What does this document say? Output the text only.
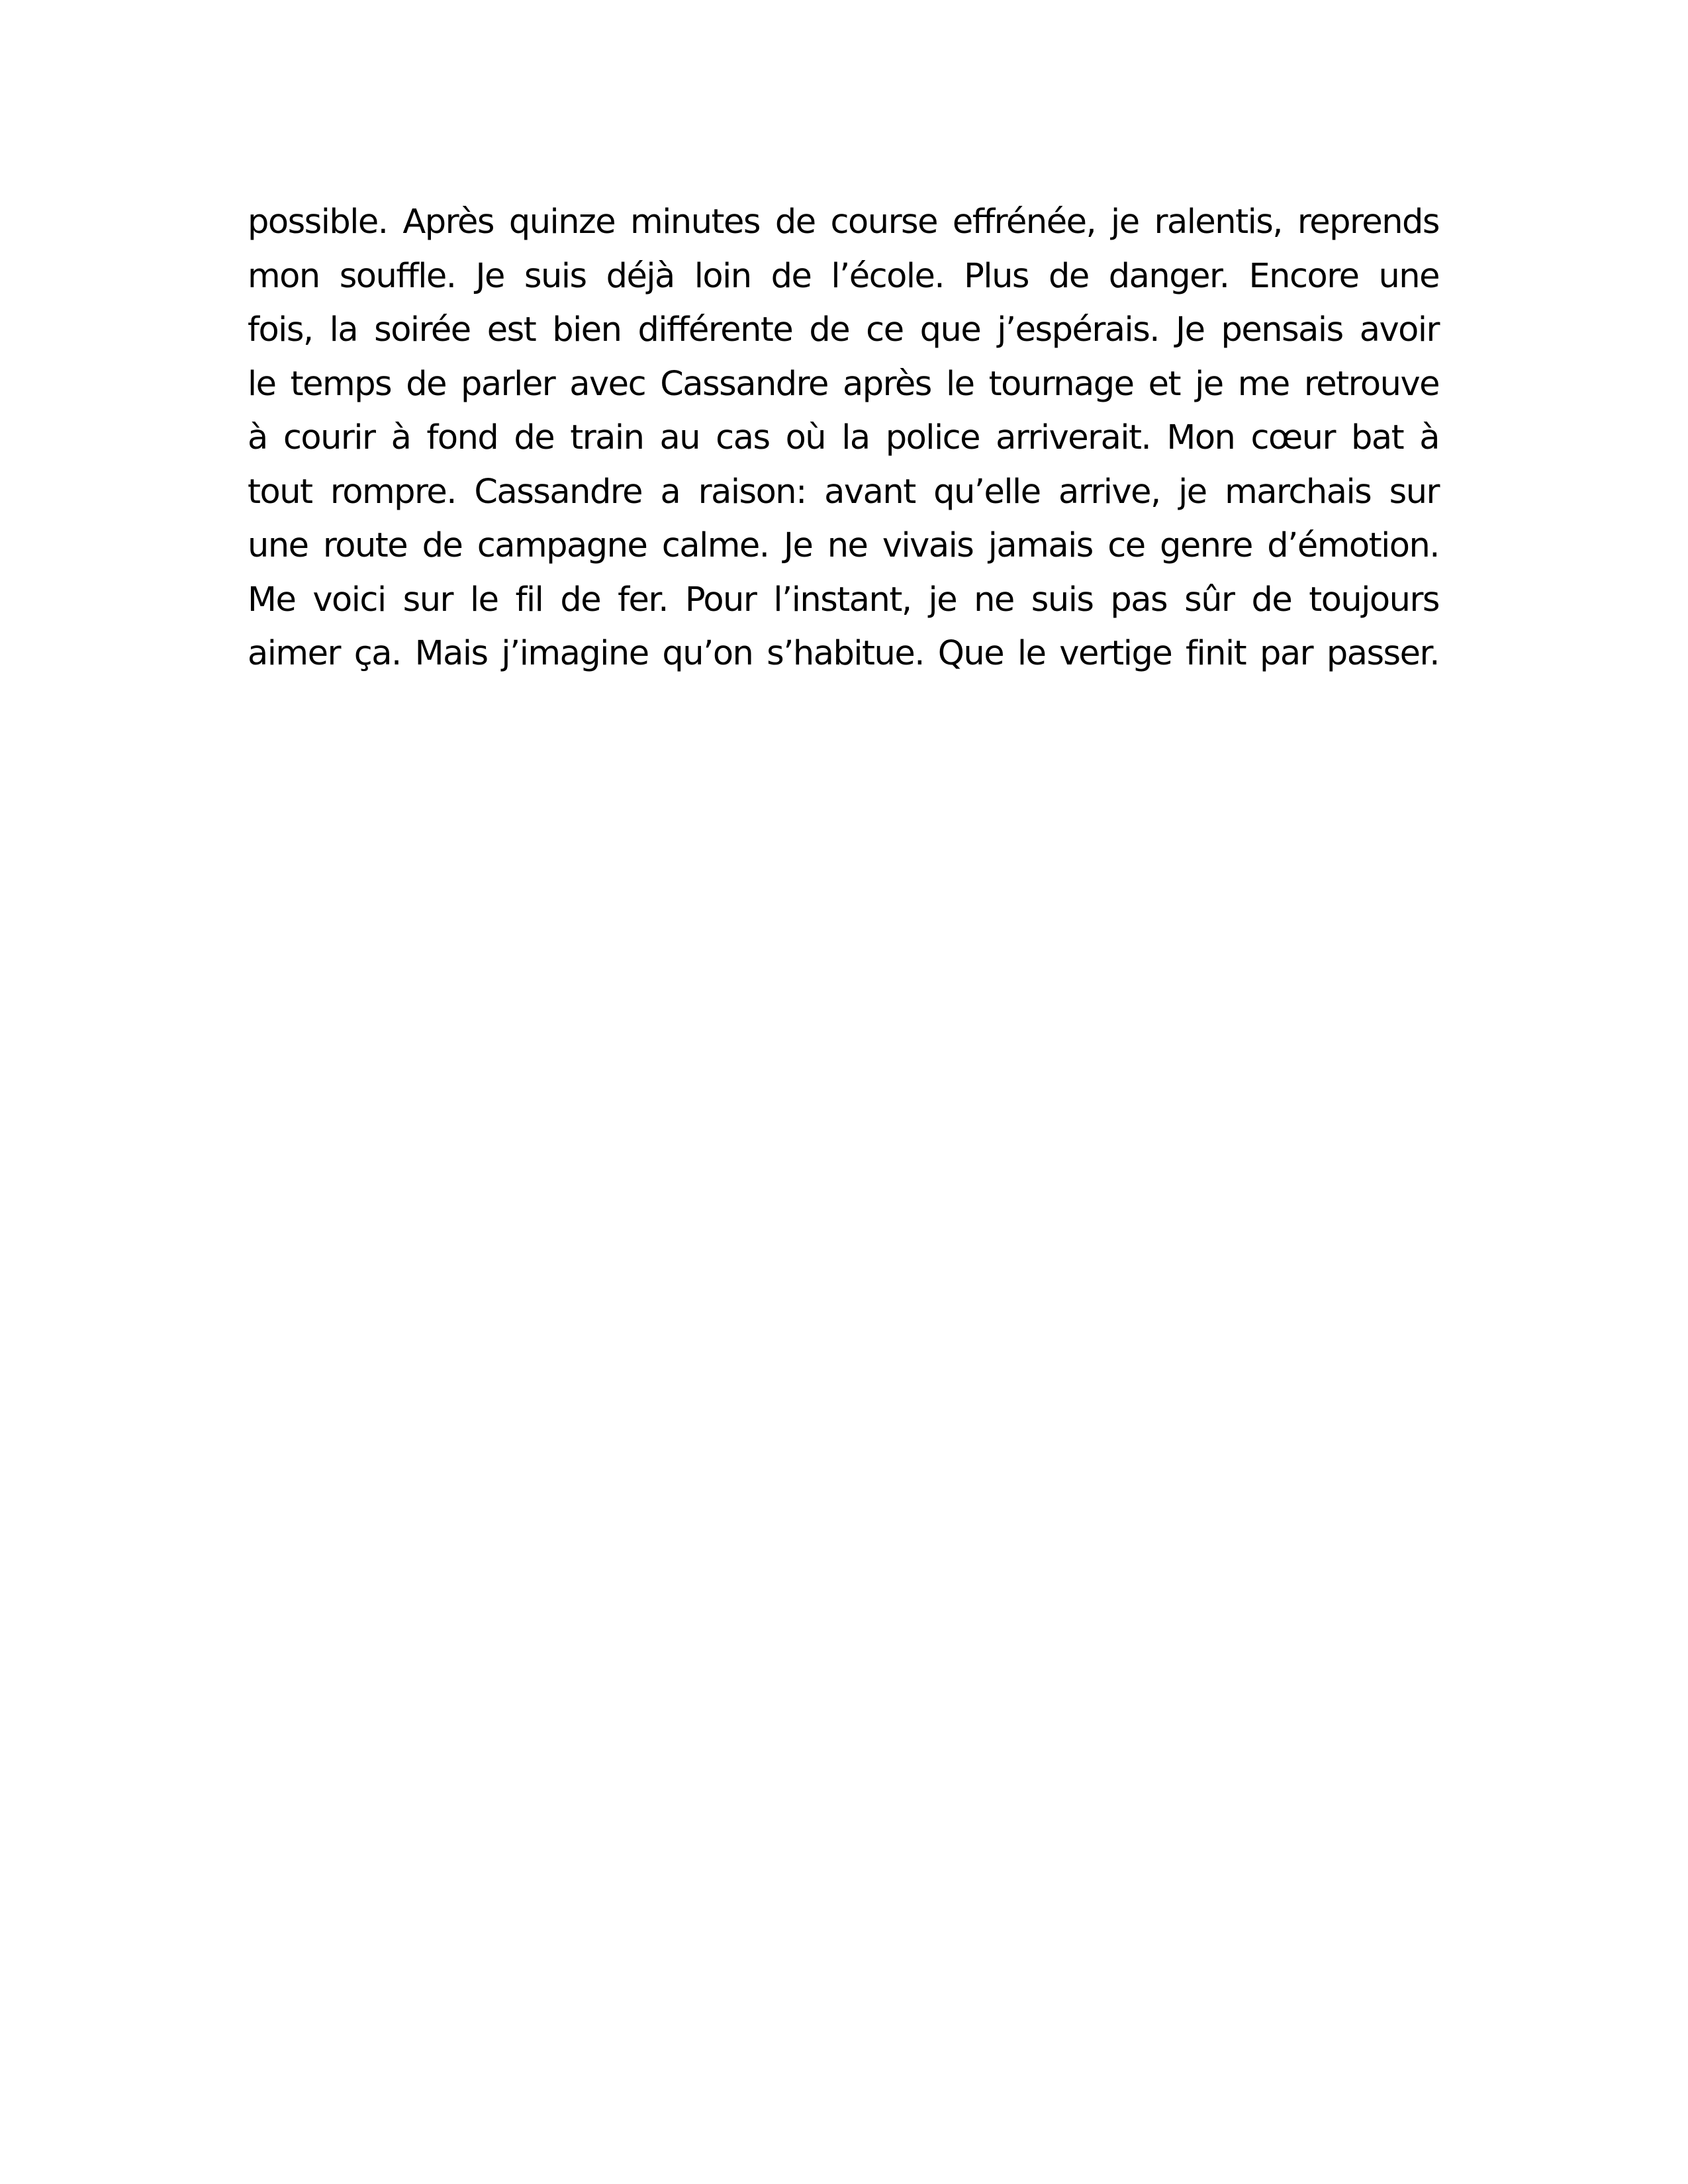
possible. Après quinze minutes de course effrénée, je ralentis, reprends
mon souffle. Je suis déjà loin de l’école. Plus de danger. Encore une
fois, la soirée est bien différente de ce que j’espérais. Je pensais avoir
le temps de parler avec Cassandre après le tournage et je me retrouve
à courir à fond de train au cas où la police arriverait. Mon cœur bat à
tout rompre. Cassandre a raison: avant qu’elle arrive, je marchais sur
une route de campagne calme. Je ne vivais jamais ce genre d’émotion.
Me voici sur le fil de fer. Pour l’instant, je ne suis pas sûr de toujours
aimer ça. Mais j’imagine qu’on s’habitue. Que le vertige finit par passer.
